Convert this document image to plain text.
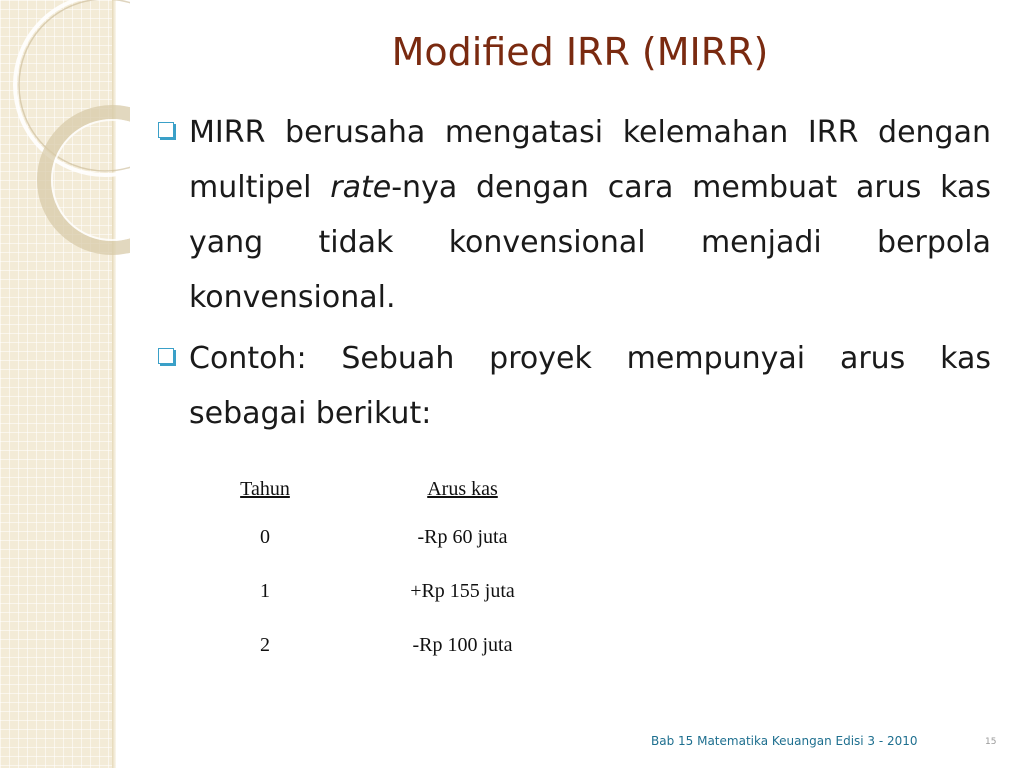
Modified IRR (MIRR)
MIRR berusaha mengatasi kelemahan IRR dengan multipel rate-nya dengan cara membuat arus kas yang tidak konvensional menjadi berpola konvensional.
Contoh: Sebuah proyek mempunyai arus kas sebagai berikut:
Tahun	Arus kas
0	-Rp 60 juta
1	+Rp 155 juta
2	-Rp 100 juta
Bab 15 Matematika Keuangan Edisi 3 - 2010	15
